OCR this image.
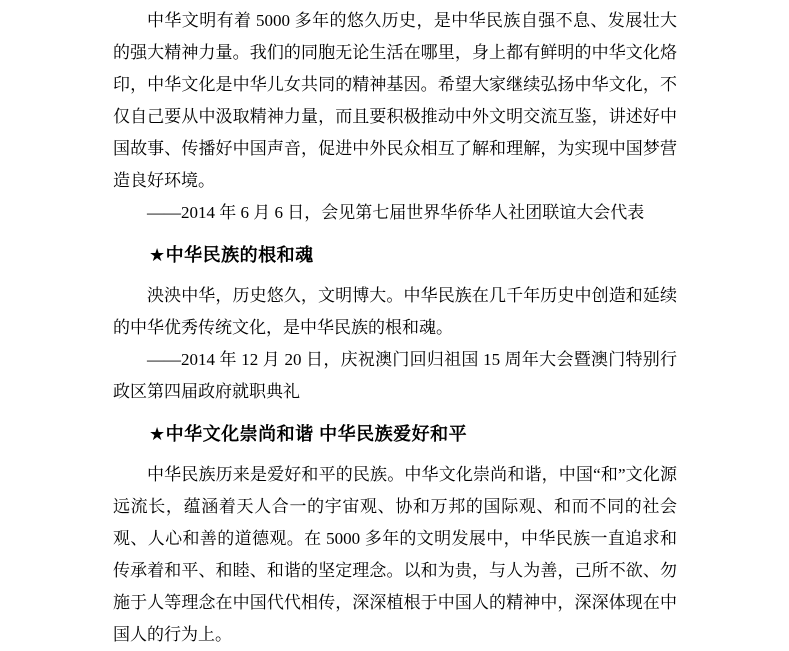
中华文明有着 5000 多年的悠久历史，是中华民族自强不息、发展壮大的强大精神力量。我们的同胞无论生活在哪里，身上都有鲜明的中华文化烙印，中华文化是中华儿女共同的精神基因。希望大家继续弘扬中华文化，不仅自己要从中汲取精神力量，而且要积极推动中外文明交流互鉴，讲述好中国故事、传播好中国声音，促进中外民众相互了解和理解，为实现中国梦营造良好环境。

——2014 年 6 月 6 日，会见第七届世界华侨华人社团联谊大会代表

★中华民族的根和魂

泱泱中华，历史悠久，文明博大。中华民族在几千年历史中创造和延续的中华优秀传统文化，是中华民族的根和魂。

——2014 年 12 月 20 日，庆祝澳门回归祖国 15 周年大会暨澳门特别行政区第四届政府就职典礼

★中华文化崇尚和谐 中华民族爱好和平

中华民族历来是爱好和平的民族。中华文化崇尚和谐，中国“和”文化源远流长，蕴涵着天人合一的宇宙观、协和万邦的国际观、和而不同的社会观、人心和善的道德观。在 5000 多年的文明发展中，中华民族一直追求和传承着和平、和睦、和谐的坚定理念。以和为贵，与人为善，己所不欲、勿施于人等理念在中国代代相传，深深植根于中国人的精神中，深深体现在中国人的行为上。
